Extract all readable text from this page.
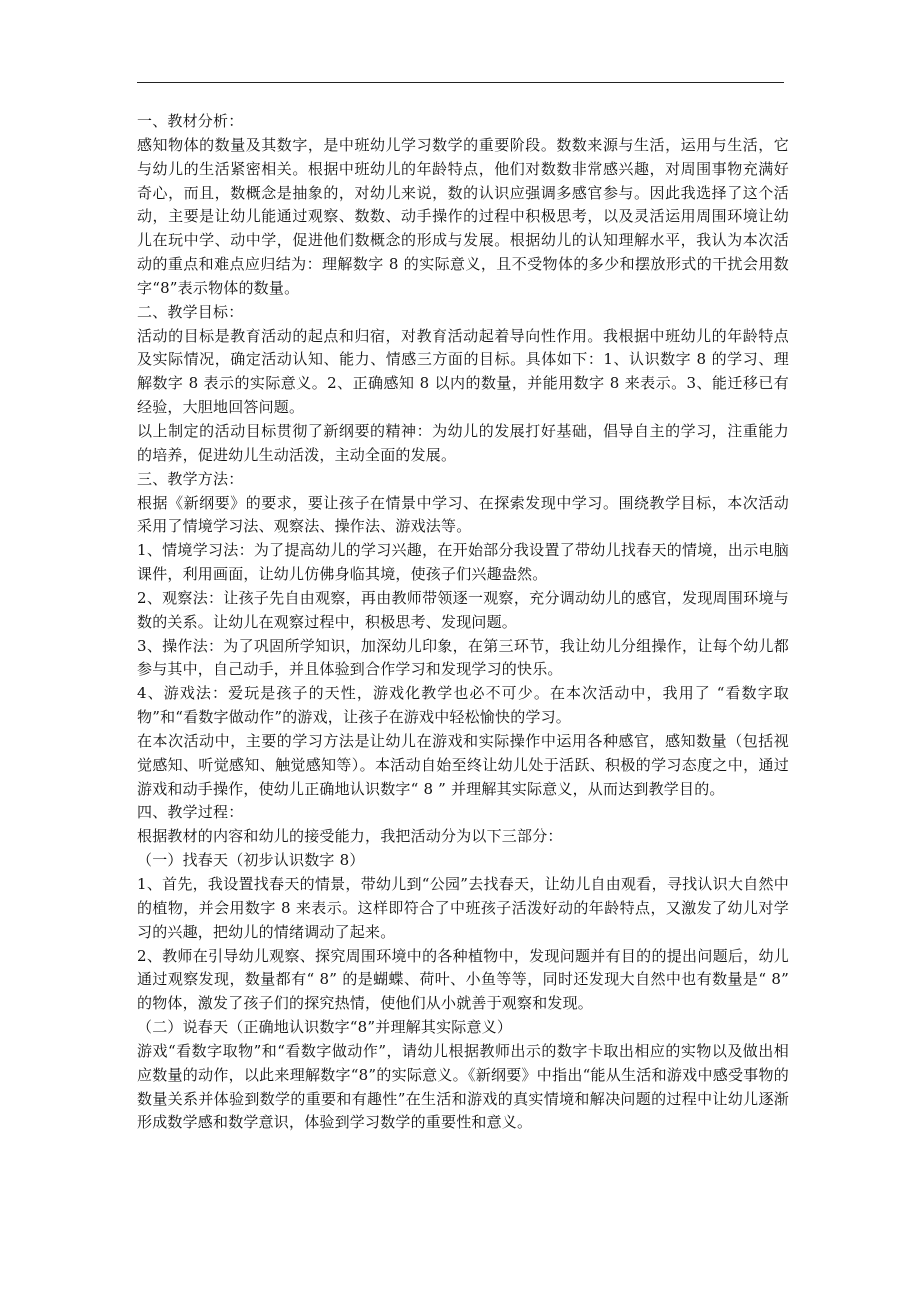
一、教材分析：

感知物体的数量及其数字，是中班幼儿学习数学的重要阶段。数数来源与生活，运用与生活，它与幼儿的生活紧密相关。根据中班幼儿的年龄特点，他们对数数非常感兴趣，对周围事物充满好奇心，而且，数概念是抽象的，对幼儿来说，数的认识应强调多感官参与。因此我选择了这个活动，主要是让幼儿能通过观察、数数、动手操作的过程中积极思考，以及灵活运用周围环境让幼儿在玩中学、动中学，促进他们数概念的形成与发展。根据幼儿的认知理解水平，我认为本次活动的重点和难点应归结为：理解数字 8 的实际意义，且不受物体的多少和摆放形式的干扰会用数字“8”表示物体的数量。

二、教学目标：

活动的目标是教育活动的起点和归宿，对教育活动起着导向性作用。我根据中班幼儿的年龄特点及实际情况，确定活动认知、能力、情感三方面的目标。具体如下：1、认识数字 8 的学习、理解数字 8 表示的实际意义。2、正确感知 8 以内的数量，并能用数字 8 来表示。3、能迁移已有经验，大胆地回答问题。

以上制定的活动目标贯彻了新纲要的精神：为幼儿的发展打好基础，倡导自主的学习，注重能力的培养，促进幼儿生动活泼，主动全面的发展。

三、教学方法：

根据《新纲要》的要求，要让孩子在情景中学习、在探索发现中学习。围绕教学目标，本次活动采用了情境学习法、观察法、操作法、游戏法等。

1、情境学习法：为了提高幼儿的学习兴趣，在开始部分我设置了带幼儿找春天的情境，出示电脑课件，利用画面，让幼儿仿佛身临其境，使孩子们兴趣盎然。

2、观察法：让孩子先自由观察，再由教师带领逐一观察，充分调动幼儿的感官，发现周围环境与数的关系。让幼儿在观察过程中，积极思考、发现问题。

3、操作法：为了巩固所学知识，加深幼儿印象，在第三环节，我让幼儿分组操作，让每个幼儿都参与其中，自己动手，并且体验到合作学习和发现学习的快乐。

4、游戏法：爱玩是孩子的天性，游戏化教学也必不可少。在本次活动中，我用了 “看数字取物”和“看数字做动作”的游戏，让孩子在游戏中轻松愉快的学习。

在本次活动中，主要的学习方法是让幼儿在游戏和实际操作中运用各种感官，感知数量（包括视觉感知、听觉感知、触觉感知等）。本活动自始至终让幼儿处于活跃、积极的学习态度之中，通过游戏和动手操作，使幼儿正确地认识数字“ 8 ” 并理解其实际意义，从而达到教学目的。

四、教学过程：

根据教材的内容和幼儿的接受能力，我把活动分为以下三部分：

（一）找春天（初步认识数字 8）

1、首先，我设置找春天的情景，带幼儿到“公园”去找春天，让幼儿自由观看，寻找认识大自然中的植物，并会用数字 8 来表示。这样即符合了中班孩子活泼好动的年龄特点，又激发了幼儿对学习的兴趣，把幼儿的情绪调动了起来。

2、教师在引导幼儿观察、探究周围环境中的各种植物中，发现问题并有目的的提出问题后，幼儿通过观察发现，数量都有“ 8” 的是蝴蝶、荷叶、小鱼等等，同时还发现大自然中也有数量是“ 8” 的物体，激发了孩子们的探究热情，使他们从小就善于观察和发现。

（二）说春天（正确地认识数字“8”并理解其实际意义）

游戏“看数字取物”和“看数字做动作”，请幼儿根据教师出示的数字卡取出相应的实物以及做出相应数量的动作，以此来理解数字“8”的实际意义。《新纲要》中指出“能从生活和游戏中感受事物的数量关系并体验到数学的重要和有趣性”在生活和游戏的真实情境和解决问题的过程中让幼儿逐渐形成数学感和数学意识，体验到学习数学的重要性和意义。
